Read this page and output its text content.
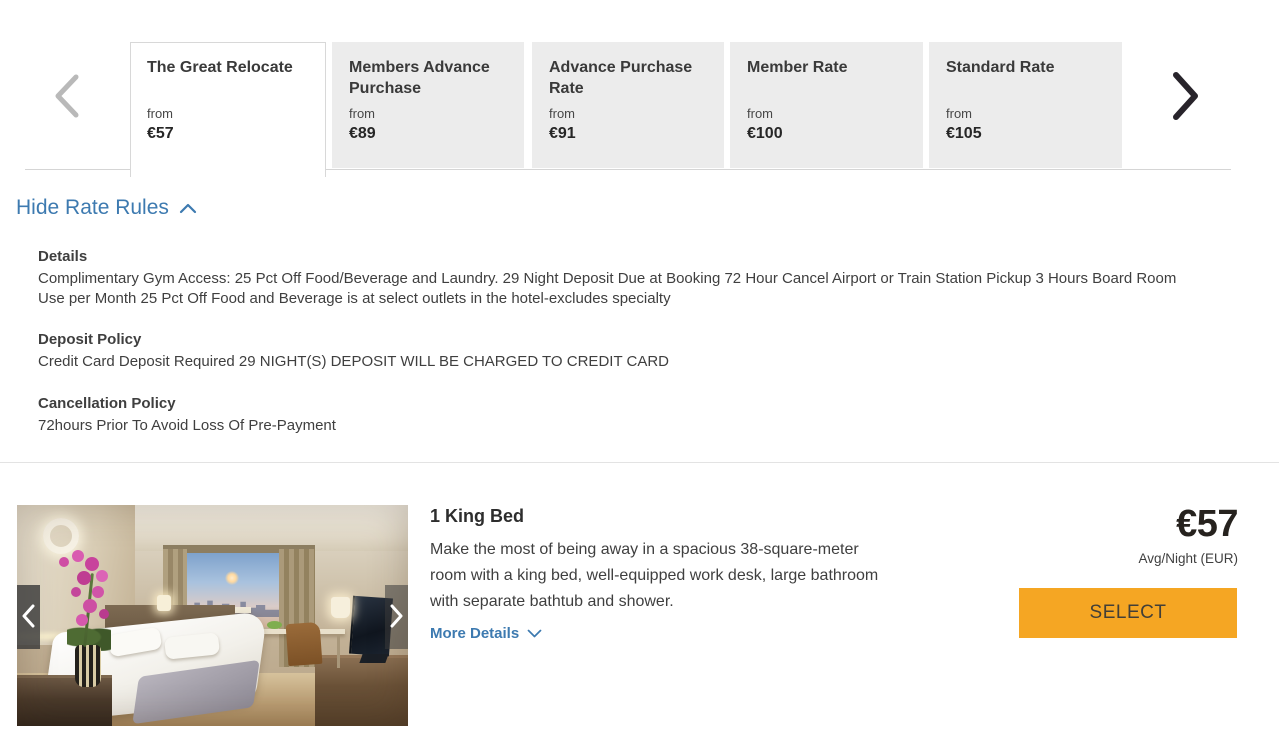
The Great Relocate
from
€57
Members Advance Purchase
from
€89
Advance Purchase Rate
from
€91
Member Rate
from
€100
Standard Rate
from
€105
Hide Rate Rules

Details

Complimentary Gym Access: 25 Pct Off Food/Beverage and Laundry. 29 Night Deposit Due at Booking 72 Hour Cancel Airport or Train Station Pickup 3 Hours Board Room Use per Month 25 Pct Off Food and Beverage is at select outlets in the hotel-excludes specialty

Deposit Policy

Credit Card Deposit Required 29 NIGHT(S) DEPOSIT WILL BE CHARGED TO CREDIT CARD

Cancellation Policy

72hours Prior To Avoid Loss Of Pre-Payment

1 King Bed
Make the most of being away in a spacious 38-square-meter room with a king bed, well-equipped work desk, large bathroom with separate bathtub and shower.
More Details
€57
Avg/Night (EUR)
SELECT
